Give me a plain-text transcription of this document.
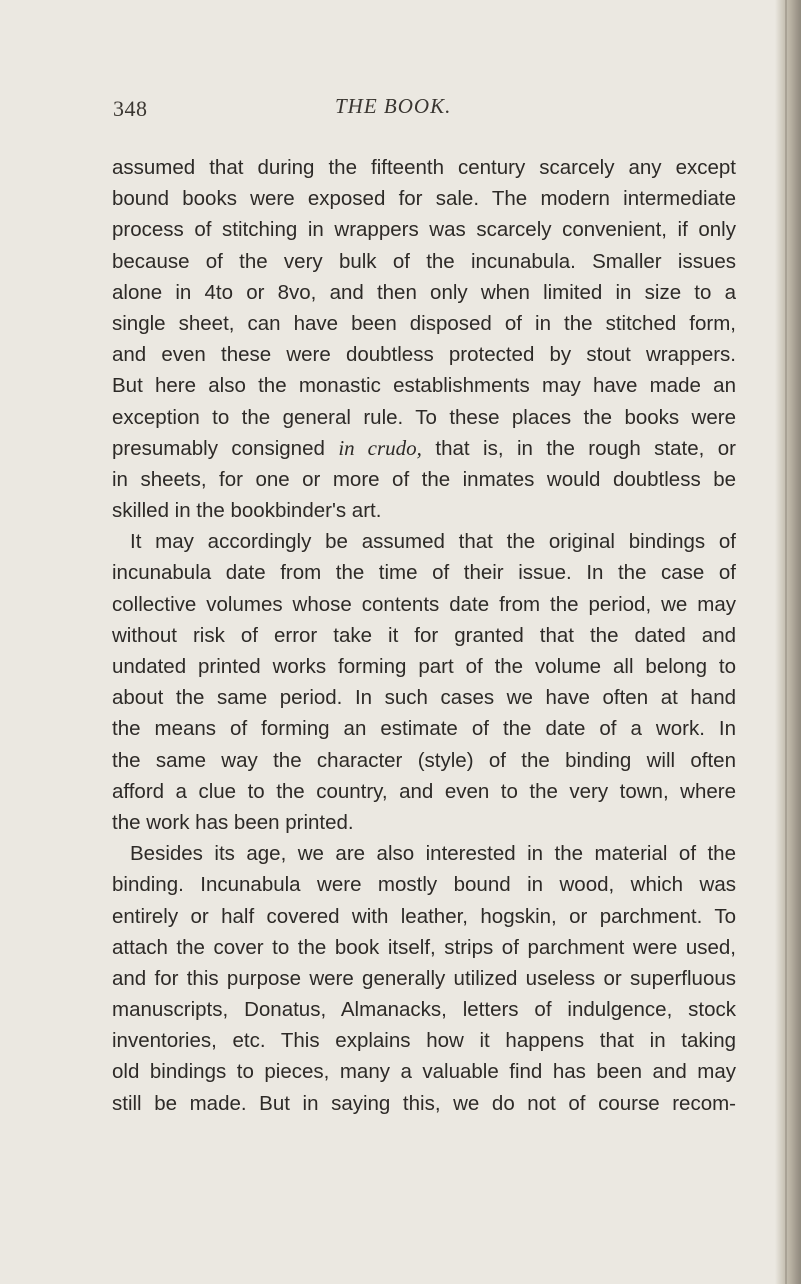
348	THE BOOK.
assumed that during the fifteenth century scarcely any except
bound books were exposed for sale. The modern intermediate
process of stitching in wrappers was scarcely convenient, if only
because of the very bulk of the incunabula. Smaller issues
alone in 4to or 8vo, and then only when limited in size to a
single sheet, can have been disposed of in the stitched form,
and even these were doubtless protected by stout wrappers.
But here also the monastic establishments may have made an
exception to the general rule. To these places the books were
presumably consigned in crudo, that is, in the rough state, or
in sheets, for one or more of the inmates would doubtless be
skilled in the bookbinder's art.
It may accordingly be assumed that the original bindings of
incunabula date from the time of their issue. In the case of
collective volumes whose contents date from the period, we may
without risk of error take it for granted that the dated and
undated printed works forming part of the volume all belong to
about the same period. In such cases we have often at hand
the means of forming an estimate of the date of a work. In
the same way the character (style) of the binding will often
afford a clue to the country, and even to the very town, where
the work has been printed.
Besides its age, we are also interested in the material of the
binding. Incunabula were mostly bound in wood, which was
entirely or half covered with leather, hogskin, or parchment. To
attach the cover to the book itself, strips of parchment were used,
and for this purpose were generally utilized useless or superfluous
manuscripts, Donatus, Almanacks, letters of indulgence, stock
inventories, etc. This explains how it happens that in taking
old bindings to pieces, many a valuable find has been and may
still be made. But in saying this, we do not of course recom-
